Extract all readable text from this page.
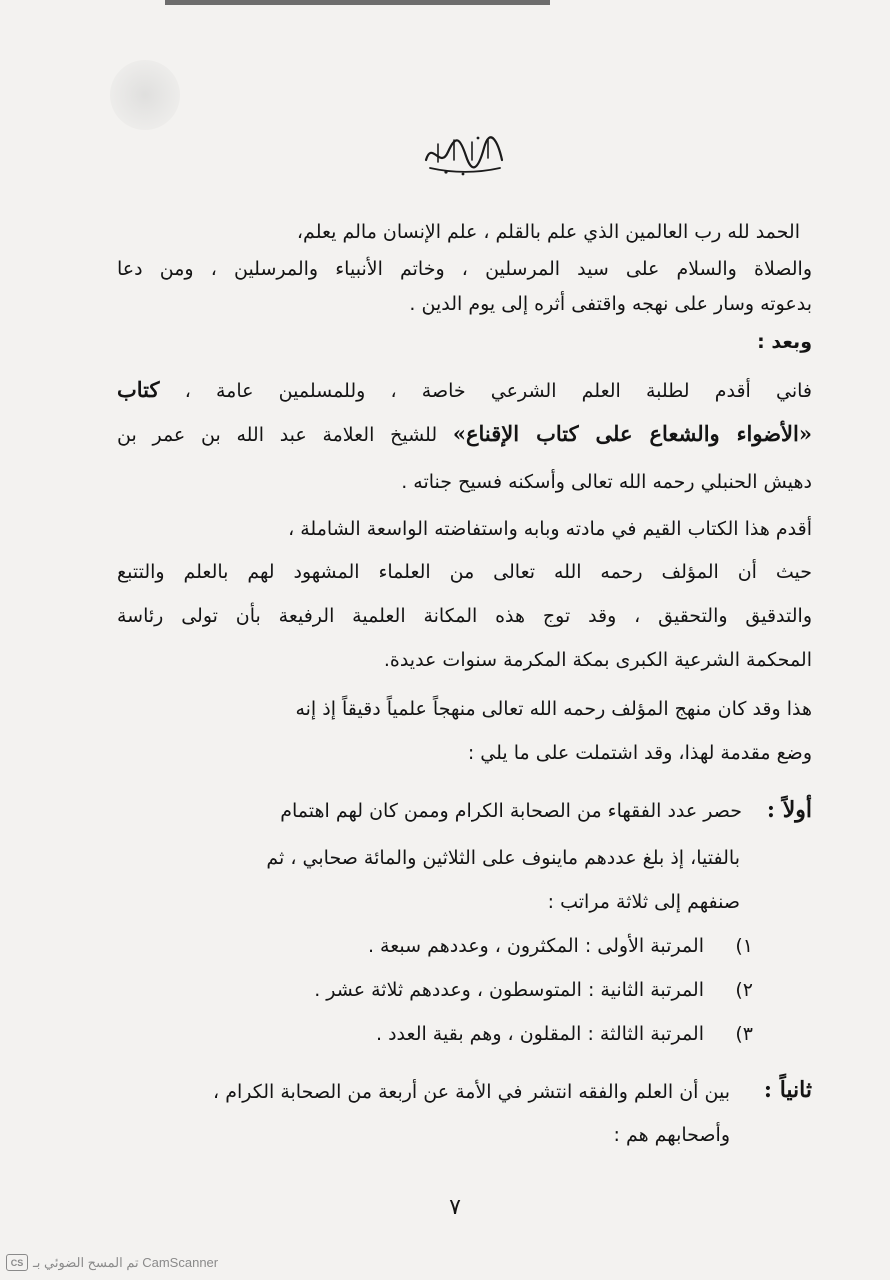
الحمد لله رب العالمين الذي علم بالقلم ، علم الإنسان مالم يعلم،
والصلاة والسلام على سيد المرسلين ، وخاتم الأنبياء والمرسلين ، ومن دعا
بدعوته وسار على نهجه واقتفى أثره إلى يوم الدين .
وبعد :
فاني أقدم لطلبة العلم الشرعي خاصة ، وللمسلمين عامة ، كتاب
«الأضواء والشعاع على كتاب الإقناع» للشيخ العلامة عبد الله بن عمر بن
دهيش الحنبلي رحمه الله تعالى وأسكنه فسيح جناته .
أقدم هذا الكتاب القيم في مادته وبابه واستفاضته الواسعة الشاملة ،
حيث أن المؤلف رحمه الله تعالى من العلماء المشهود لهم بالعلم والتتبع
والتدقيق والتحقيق ، وقد توج هذه المكانة العلمية الرفيعة بأن تولى رئاسة
المحكمة الشرعية الكبرى بمكة المكرمة سنوات عديدة.
هذا وقد كان منهج المؤلف رحمه الله تعالى منهجاً علمياً دقيقاً إذ إنه
وضع مقدمة لهذا، وقد اشتملت على ما يلي :
أولاً :
حصر عدد الفقهاء من الصحابة الكرام وممن كان لهم اهتمام
بالفتيا، إذ بلغ عددهم ماينوف على الثلاثين والمائة صحابي ، ثم
صنفهم إلى ثلاثة مراتب :
١)
المرتبة الأولى : المكثرون ، وعددهم سبعة .
٢)
المرتبة الثانية : المتوسطون ، وعددهم ثلاثة عشر .
٣)
المرتبة الثالثة : المقلون ، وهم بقية العدد .
ثانياً :
بين أن العلم والفقه انتشر في الأمة عن أربعة من الصحابة الكرام ،
وأصحابهم هم :
٧
CS تم المسح الضوئي بـ CamScanner
